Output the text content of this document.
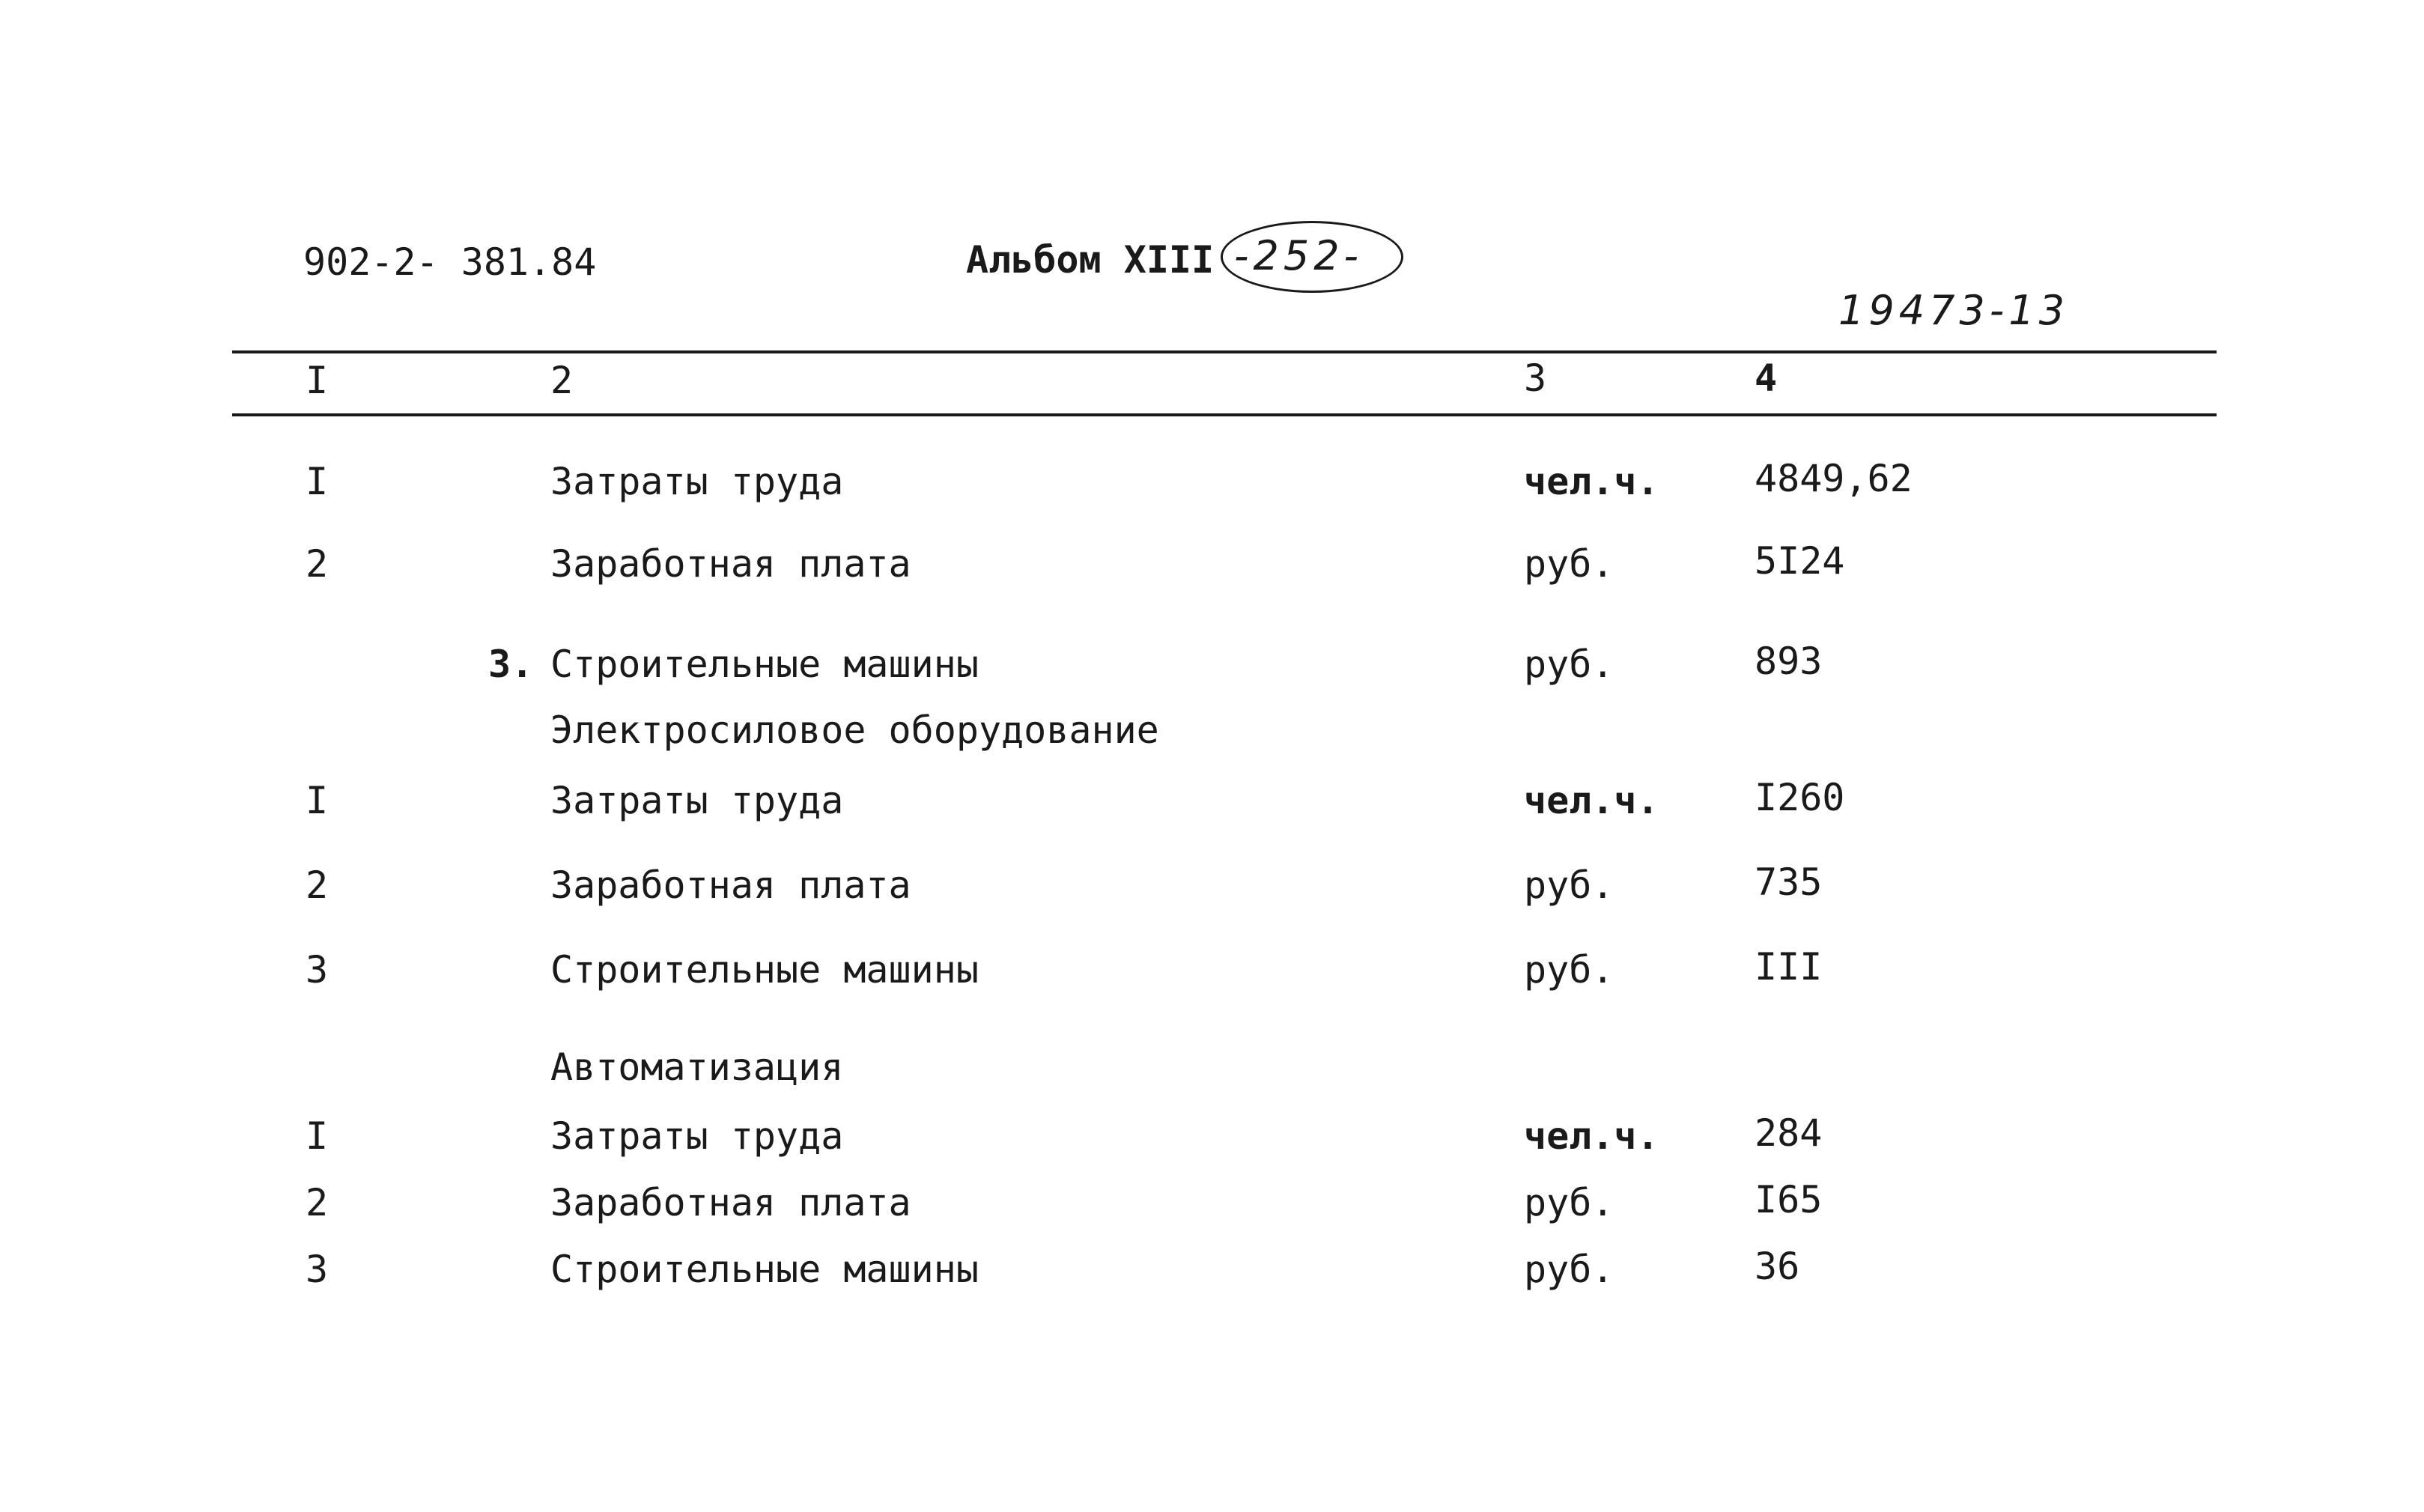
902-2- 381.84	Альбом XIII -252-
19473-13
I	2	3	4
I	Затраты труда	чел.ч.	4849,62
2	Заработная плата	руб.	5I24
3. Строительные машины	руб.	893
Электросиловое оборудование
I	Затраты труда	чел.ч.	I260
2	Заработная плата	руб.	735
3	Строительные машины	руб.	III
Автоматизация
I	Затраты труда	чел.ч.	284
2	Заработная плата	руб.	I65
3	Строительные машины	руб.	36
